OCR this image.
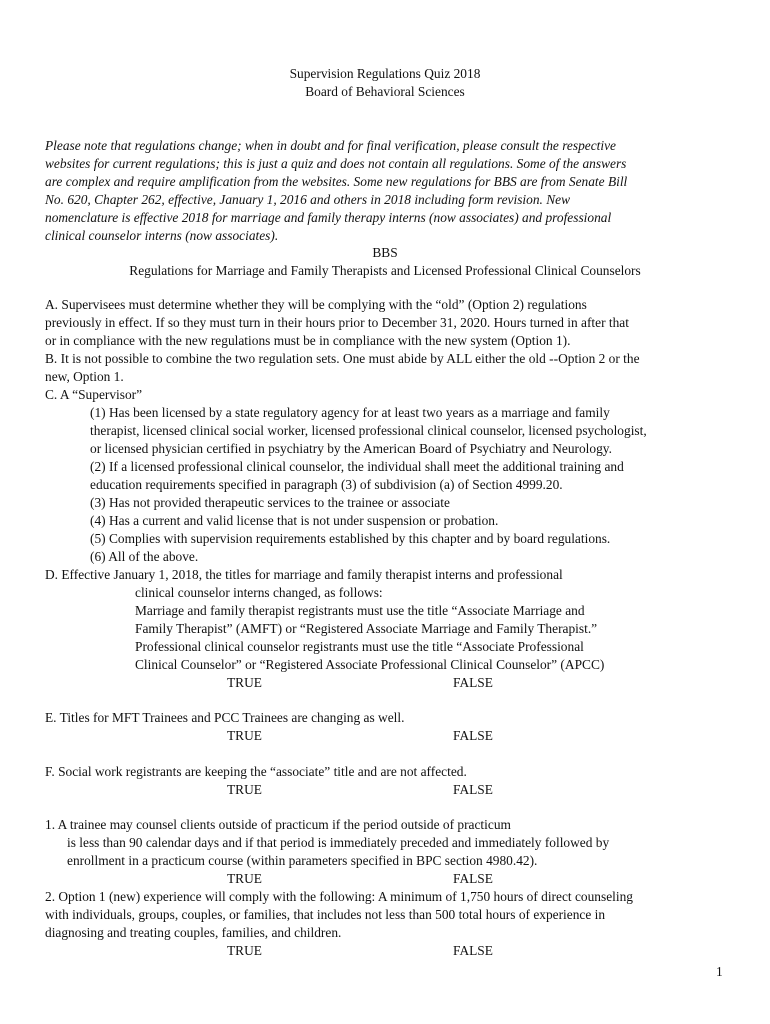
Supervision Regulations Quiz 2018
Board of Behavioral Sciences
Please note that regulations change; when in doubt and for final verification, please consult the respective
websites for current regulations; this is just a quiz and does not contain all regulations. Some of the answers
are complex and require amplification from the websites. Some new regulations for BBS are from Senate Bill
No. 620, Chapter 262, effective, January 1, 2016 and others in 2018 including form revision. New
nomenclature is effective 2018 for marriage and family therapy interns (now associates) and professional
clinical counselor interns (now associates).
BBS
Regulations for Marriage and Family Therapists and Licensed Professional Clinical Counselors
A. Supervisees must determine whether they will be complying with the “old” (Option 2) regulations
previously in effect. If so they must turn in their hours prior to December 31, 2020. Hours turned in after that
or in compliance with the new regulations must be in compliance with the new system (Option 1).
B. It is not possible to combine the two regulation sets. One must abide by ALL either the old --Option 2 or the
new, Option 1.
C. A “Supervisor”
(1) Has been licensed by a state regulatory agency for at least two years as a marriage and family
therapist, licensed clinical social worker, licensed professional clinical counselor, licensed psychologist,
or licensed physician certified in psychiatry by the American Board of Psychiatry and Neurology.
(2) If a licensed professional clinical counselor, the individual shall meet the additional training and
education requirements specified in paragraph (3) of subdivision (a) of Section 4999.20.
(3) Has not provided therapeutic services to the trainee or associate
(4) Has a current and valid license that is not under suspension or probation.
(5) Complies with supervision requirements established by this chapter and by board regulations.
(6) All of the above.
D. Effective January 1, 2018, the titles for marriage and family therapist interns and professional
clinical counselor interns changed, as follows:
Marriage and family therapist registrants must use the title “Associate Marriage and
Family Therapist” (AMFT) or “Registered Associate Marriage and Family Therapist.”
Professional clinical counselor registrants must use the title “Associate Professional
Clinical Counselor” or “Registered Associate Professional Clinical Counselor” (APCC)
TRUE	FALSE
E. Titles for MFT Trainees and PCC Trainees are changing as well.
TRUE	FALSE
F. Social work registrants are keeping the “associate” title and are not affected.
TRUE	FALSE
1. A trainee may counsel clients outside of practicum if the period outside of practicum
is less than 90 calendar days and if that period is immediately preceded and immediately followed by
enrollment in a practicum course (within parameters specified in BPC section 4980.42).
TRUE	FALSE
2. Option 1 (new) experience will comply with the following: A minimum of 1,750 hours of direct counseling
with individuals, groups, couples, or families, that includes not less than 500 total hours of experience in
diagnosing and treating couples, families, and children.
TRUE	FALSE
1
